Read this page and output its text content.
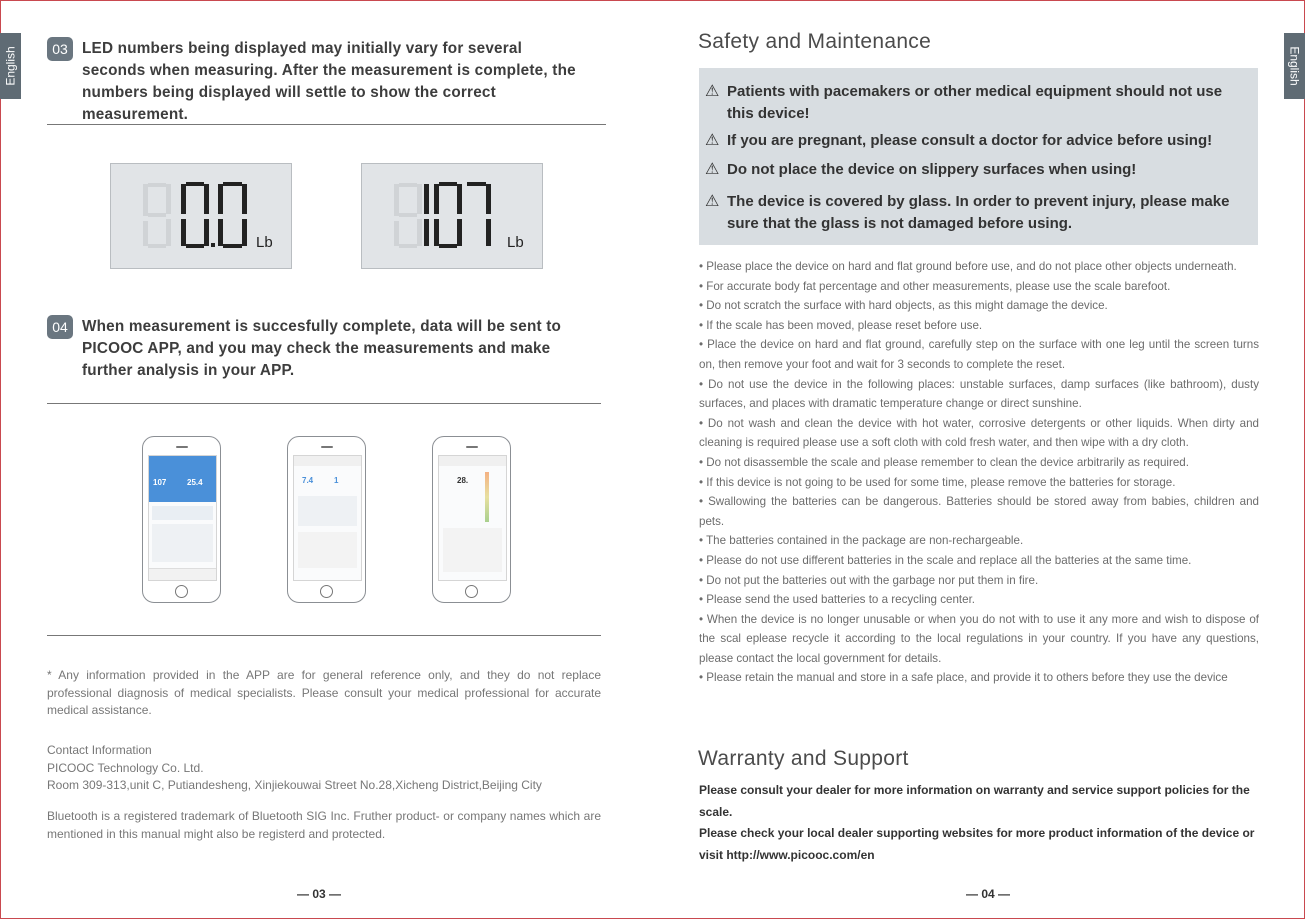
English	English
03 LED numbers being displayed may initially vary for several seconds when measuring. After the measurement is complete, the numbers being displayed will settle to show the correct measurement.
Lb	Lb
04 When measurement is succesfully complete, data will be sent to PICOOC APP, and you may check the measurements and make further analysis in your APP.
107	25.4	7.4	1	28.
* Any information provided in the APP are for general reference only, and they do not replace professional diagnosis of medical specialists. Please consult your medical professional for accurate medical assistance.
Contact Information
PICOOC Technology Co. Ltd.
Room 309-313,unit C, Putiandesheng, Xinjiekouwai Street No.28,Xicheng District,Beijing City
Bluetooth is a registered trademark of Bluetooth SIG Inc. Fruther product- or company names which are mentioned in this manual might also be registerd and protected.
— 03 —
Safety and Maintenance
⚠ Patients with pacemakers or other medical equipment should not use this device!
⚠ If you are pregnant, please consult a doctor for advice before using!
⚠ Do not place the device on slippery surfaces when using!
⚠ The device is covered by glass. In order to prevent injury, please make sure that the glass is not damaged before using.

• Please place the device on hard and flat ground before use, and do not place other objects underneath.

• For accurate body fat percentage and other measurements, please use the scale barefoot.

• Do not scratch the surface with hard objects, as this might damage the device.

• If the scale has been moved, please reset before use.

• Place the device on hard and flat ground, carefully step on the surface with one leg until the screen turns on, then remove your foot and wait for 3 seconds to complete the reset.

• Do not use the device in the following places: unstable surfaces, damp surfaces (like bathroom), dusty surfaces, and places with dramatic temperature change or direct sunshine.

• Do not wash and clean the device with hot water, corrosive detergents or other liquids. When dirty and cleaning is required please use a soft cloth with cold fresh water, and then wipe with a dry cloth.

• Do not disassemble the scale and please remember to clean the device arbitrarily as required.

• If this device is not going to be used for some time, please remove the batteries for storage.

• Swallowing the batteries can be dangerous. Batteries should be stored away from babies, children and pets.

• The batteries contained in the package are non-rechargeable.

• Please do not use different batteries in the scale and replace all the batteries at the same time.

• Do not put the batteries out with the garbage nor put them in fire.

• Please send the used batteries to a recycling center.

• When the device is no longer unusable or when you do not with to use it any more and wish to dispose of the scal eplease recycle it according to the local regulations in your country. If you have any questions, please contact the local government for details.

• Please retain the manual and store in a safe place, and provide it to others before they use the device

Warranty and Support
Please consult your dealer for more information on warranty and service support policies for the scale.
Please check your local dealer supporting websites for more product information of the device or visit http://www.picooc.com/en
— 04 —
